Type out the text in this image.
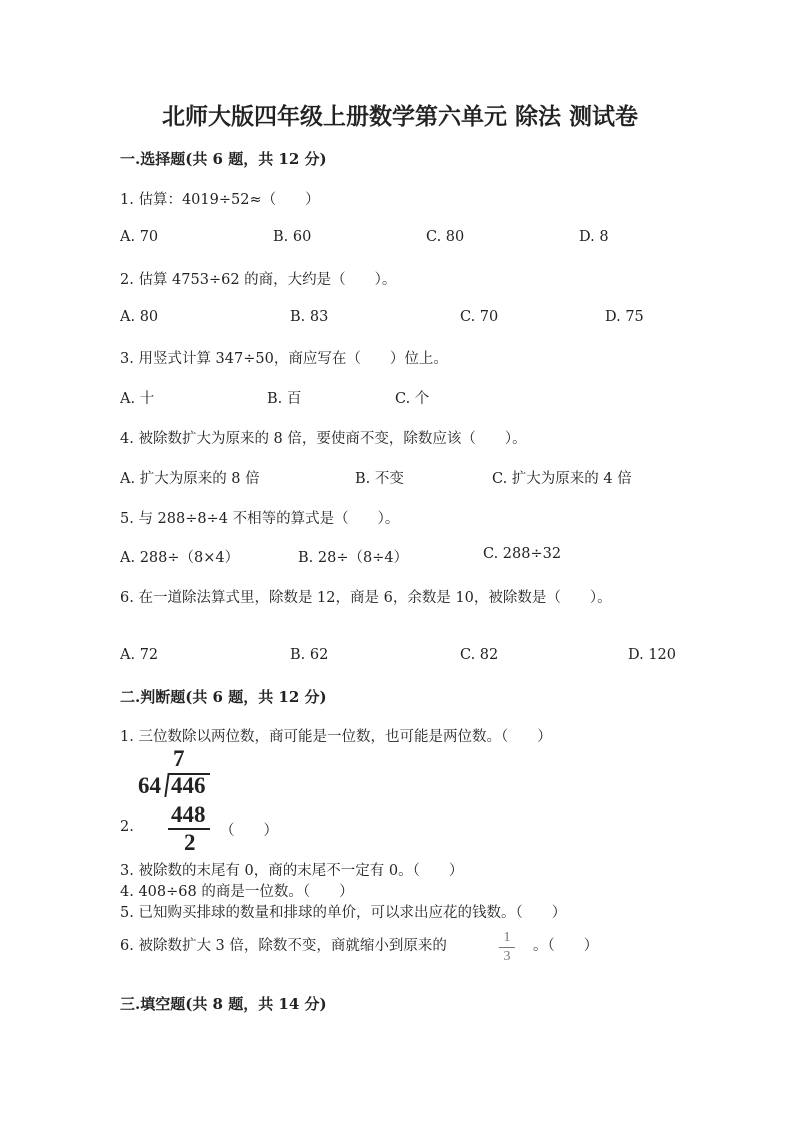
北师大版四年级上册数学第六单元 除法 测试卷
一.选择题(共 6 题，共 12 分)
1. 估算：4019÷52≈（　　）
A. 70	B. 60	C. 80	D. 8
2. 估算 4753÷62 的商，大约是（　　）。
A. 80	B. 83	C. 70	D. 75
3. 用竖式计算 347÷50，商应写在（　　）位上。
A. 十	B. 百	C. 个
4. 被除数扩大为原来的 8 倍，要使商不变，除数应该（　　）。
A. 扩大为原来的 8 倍	B. 不变	C. 扩大为原来的 4 倍
5. 与 288÷8÷4 不相等的算式是（　　）。
A. 288÷（8×4）	B. 28÷（8÷4）	C. 288÷32
6. 在一道除法算式里，除数是 12，商是 6，余数是 10，被除数是（　　）。
A. 72	B. 62	C. 82	D. 120
二.判断题(共 6 题，共 12 分)
1. 三位数除以两位数，商可能是一位数，也可能是两位数。（　　）
7
64 446
448
2
2.	（　　）
3. 被除数的末尾有 0，商的末尾不一定有 0。（　　）
4. 408÷68 的商是一位数。（　　）
5. 已知购买排球的数量和排球的单价，可以求出应花的钱数。（　　）
6. 被除数扩大 3 倍，除数不变，商就缩小到原来的
1
3
。（　　）
三.填空题(共 8 题，共 14 分)
